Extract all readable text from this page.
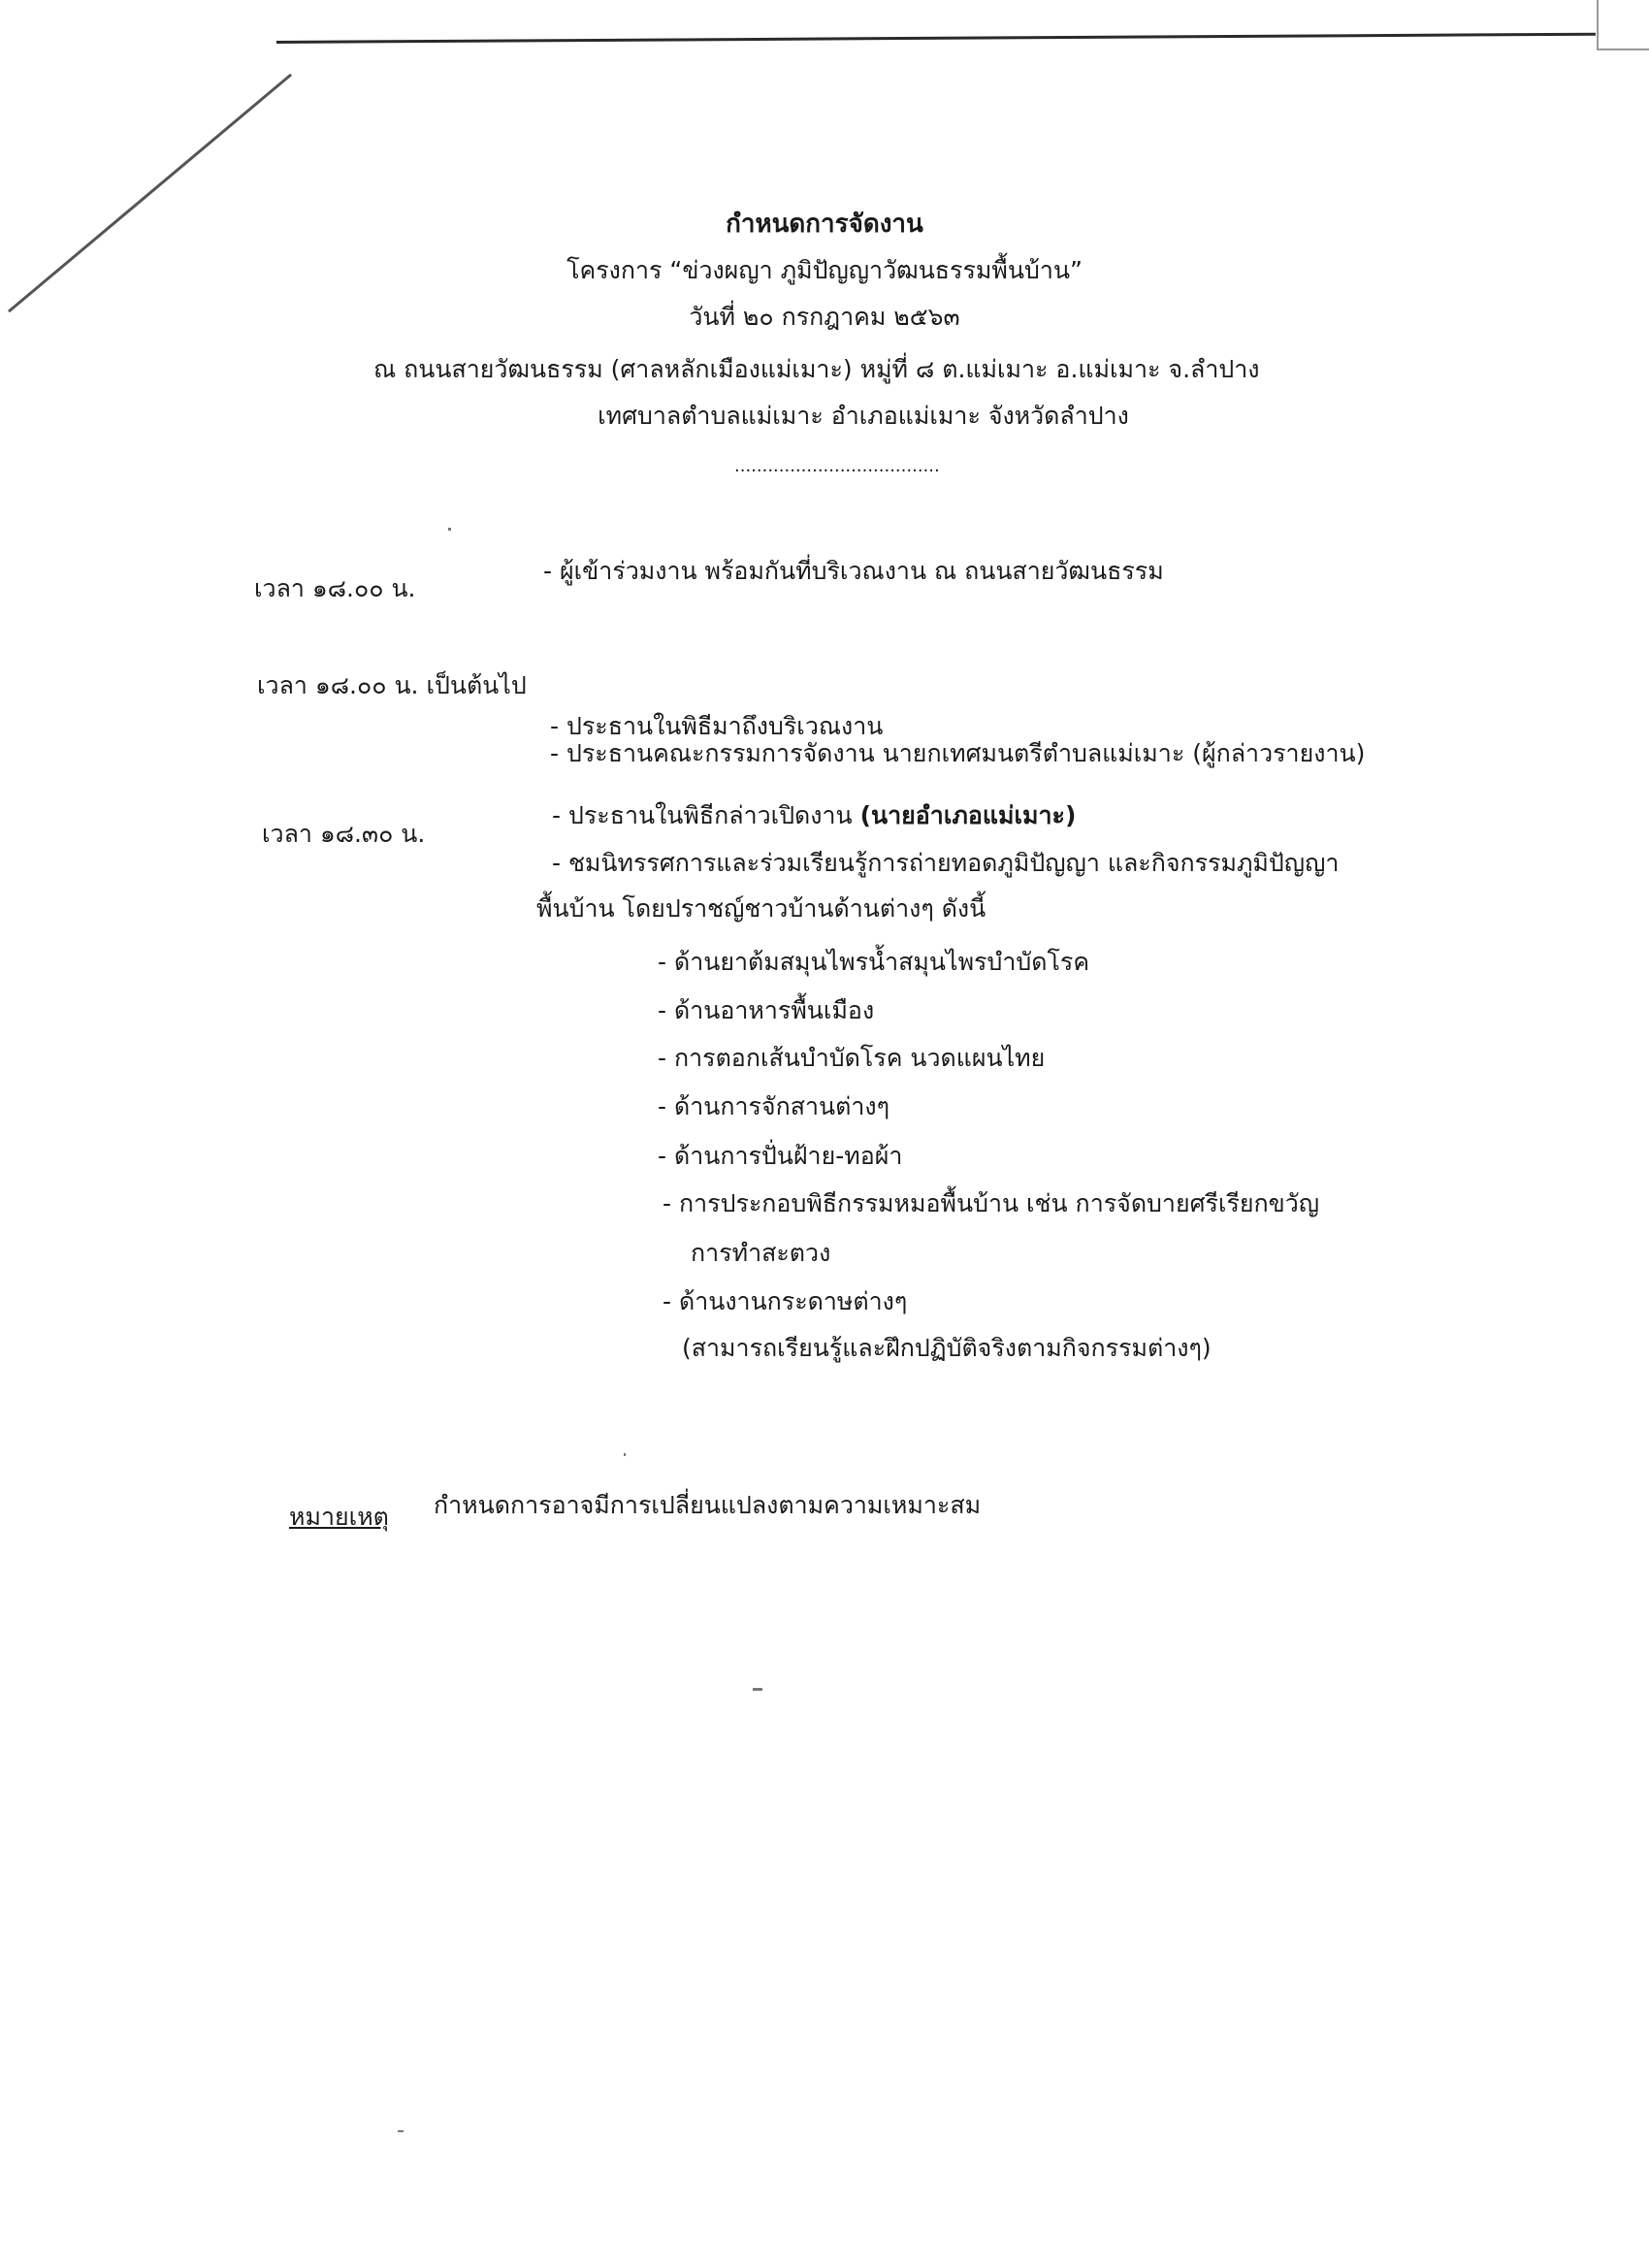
กำหนดการจัดงาน
โครงการ “ข่วงผญา ภูมิปัญญาวัฒนธรรมพื้นบ้าน”
วันที่ ๒๐ กรกฎาคม ๒๕๖๓
ณ ถนนสายวัฒนธรรม (ศาลหลักเมืองแม่เมาะ) หมู่ที่ ๘ ต.แม่เมาะ อ.แม่เมาะ จ.ลำปาง
เทศบาลตำบลแม่เมาะ อำเภอแม่เมาะ จังหวัดลำปาง
.....................................
เวลา ๑๘.๐๐ น.
- ผู้เข้าร่วมงาน พร้อมกันที่บริเวณงาน ณ ถนนสายวัฒนธรรม
เวลา ๑๘.๐๐ น. เป็นต้นไป
- ประธานในพิธีมาถึงบริเวณงาน
- ประธานคณะกรรมการจัดงาน นายกเทศมนตรีตำบลแม่เมาะ (ผู้กล่าวรายงาน)
เวลา ๑๘.๓๐ น.
- ประธานในพิธีกล่าวเปิดงาน (นายอำเภอแม่เมาะ)
- ชมนิทรรศการและร่วมเรียนรู้การถ่ายทอดภูมิปัญญา และกิจกรรมภูมิปัญญา
พื้นบ้าน โดยปราชญ์ชาวบ้านด้านต่างๆ ดังนี้
- ด้านยาต้มสมุนไพรน้ำสมุนไพรบำบัดโรค
- ด้านอาหารพื้นเมือง
- การตอกเส้นบำบัดโรค นวดแผนไทย
- ด้านการจักสานต่างๆ
- ด้านการปั่นฝ้าย-ทอผ้า
- การประกอบพิธีกรรมหมอพื้นบ้าน เช่น การจัดบายศรีเรียกขวัญ
การทำสะตวง
- ด้านงานกระดาษต่างๆ
(สามารถเรียนรู้และฝึกปฏิบัติจริงตามกิจกรรมต่างๆ)
หมายเหตุ กำหนดการอาจมีการเปลี่ยนแปลงตามความเหมาะสม
